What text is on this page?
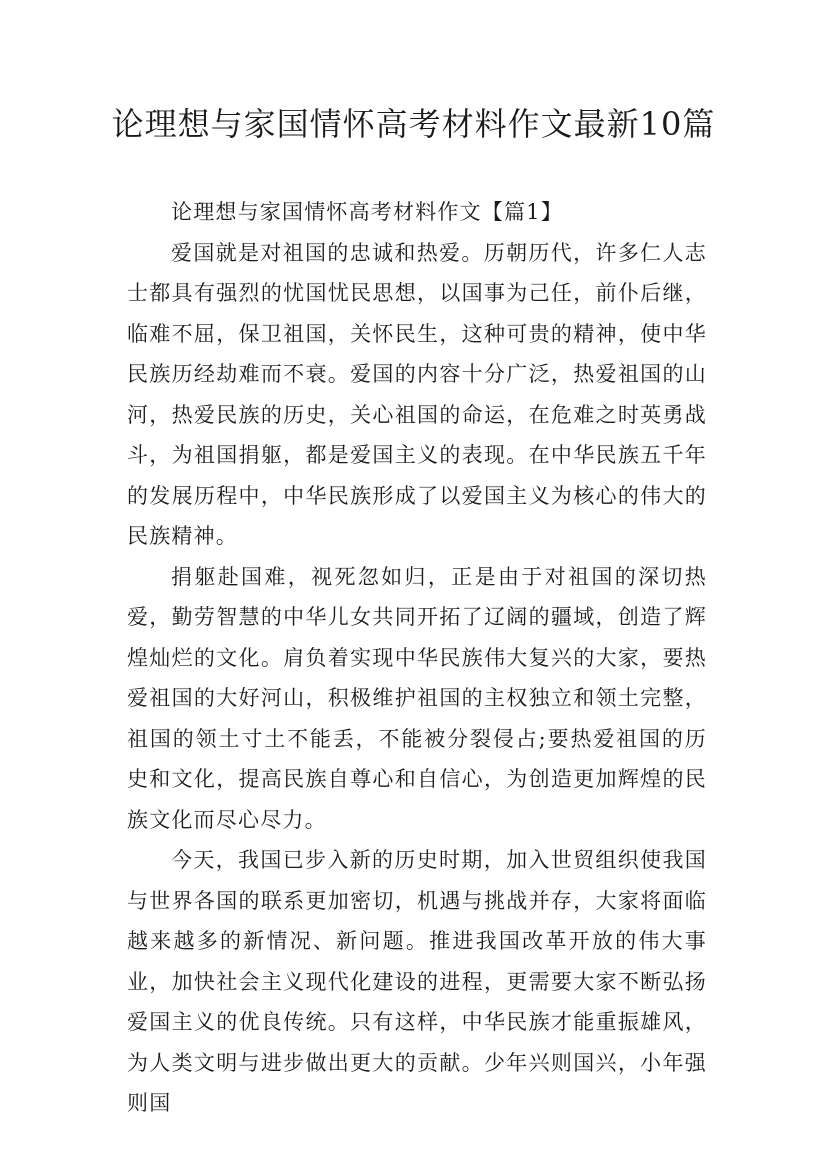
论理想与家国情怀高考材料作文最新10篇

论理想与家国情怀高考材料作文【篇1】

爱国就是对祖国的忠诚和热爱。历朝历代，许多仁人志士都具有强烈的忧国忧民思想，以国事为己任，前仆后继，临难不屈，保卫祖国，关怀民生，这种可贵的精神，使中华民族历经劫难而不衰。爱国的内容十分广泛，热爱祖国的山河，热爱民族的历史，关心祖国的命运，在危难之时英勇战斗，为祖国捐躯，都是爱国主义的表现。在中华民族五千年的发展历程中，中华民族形成了以爱国主义为核心的伟大的民族精神。

捐躯赴国难，视死忽如归，正是由于对祖国的深切热爱，勤劳智慧的中华儿女共同开拓了辽阔的疆域，创造了辉煌灿烂的文化。肩负着实现中华民族伟大复兴的大家，要热爱祖国的大好河山，积极维护祖国的主权独立和领土完整，祖国的领土寸土不能丢，不能被分裂侵占;要热爱祖国的历史和文化，提高民族自尊心和自信心，为创造更加辉煌的民族文化而尽心尽力。

今天，我国已步入新的历史时期，加入世贸组织使我国与世界各国的联系更加密切，机遇与挑战并存，大家将面临越来越多的新情况、新问题。推进我国改革开放的伟大事业，加快社会主义现代化建设的进程，更需要大家不断弘扬爱国主义的优良传统。只有这样，中华民族才能重振雄风，为人类文明与进步做出更大的贡献。少年兴则国兴，小年强则国
